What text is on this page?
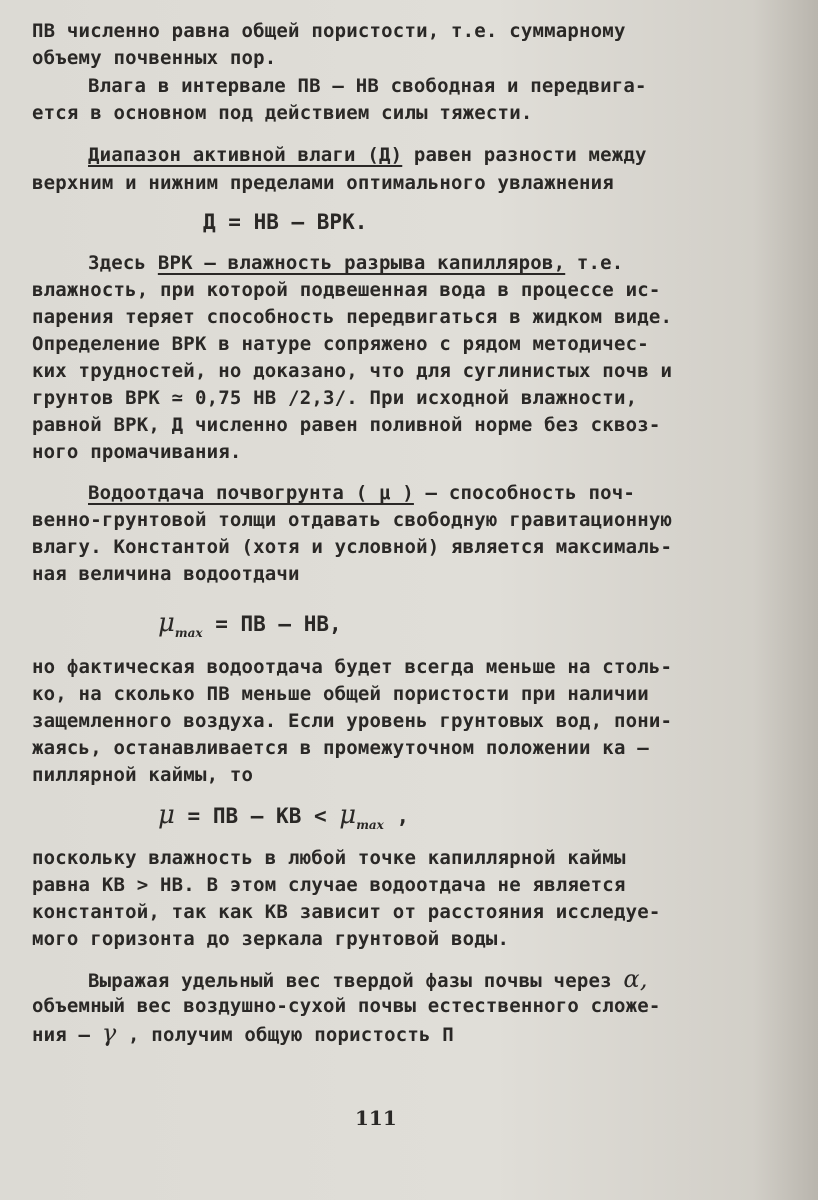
ПВ численно равна общей пористости, т.е. суммарному
объему почвенных пор.
Влага в интервале ПВ – НВ свободная и передвига-
ется в основном под действием силы тяжести.
Диапазон активной влаги (Д) равен разности между
верхним и нижним пределами оптимального увлажнения
Д = НВ – ВРК.
Здесь ВРК – влажность разрыва капилляров, т.е.
влажность, при которой подвешенная вода в процессе ис-
парения теряет способность передвигаться в жидком виде.
Определение ВРК в натуре сопряжено с рядом методичес-
ких трудностей, но доказано, что для суглинистых почв и
грунтов ВРК ≃ 0,75 НВ /2,3/. При исходной влажности,
равной ВРК, Д численно равен поливной норме без сквоз-
ного промачивания.
Водоотдача почвогрунта ( μ ) – способность поч-
венно-грунтовой толщи отдавать свободную гравитационную
влагу. Константой (хотя и условной) является максималь-
ная величина водоотдачи
$\mu_{max}$ = ПВ – НВ,
но фактическая водоотдача будет всегда меньше на столь-
ко, на сколько ПВ меньше общей пористости при наличии
защемленного воздуха. Если уровень грунтовых вод, пони-
жаясь, останавливается в промежуточном положении ка –
пиллярной каймы, то
μ = ПВ – КВ < $\mu_{max}$ ,
поскольку влажность в любой точке капиллярной каймы
равна КВ > НВ. В этом случае водоотдача не является
константой, так как КВ зависит от расстояния исследуе-
мого горизонта до зеркала грунтовой воды.
Выражая удельный вес твердой фазы почвы через α,
объемный вес воздушно-сухой почвы естественного сложе-
ния – γ , получим общую пористость П
111
